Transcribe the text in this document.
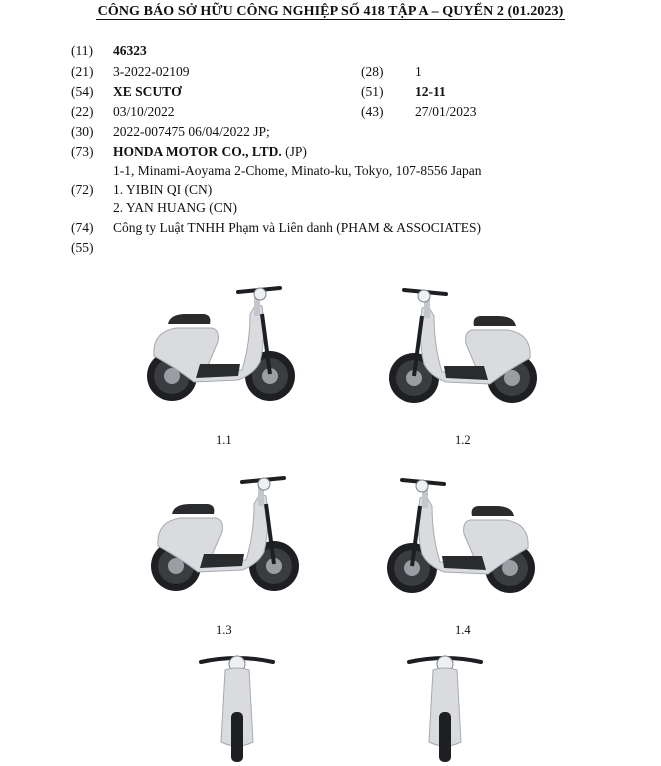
CÔNG BÁO SỞ HỮU CÔNG NGHIỆP SỐ 418 TẬP A – QUYỂN 2 (01.2023)
(11) 46323
(21) 3-2022-02109	(28) 1
(54) XE SCUTƠ	(51) 12-11
(22) 03/10/2022	(43) 27/01/2023
(30) 2022-007475 06/04/2022 JP;
(73) HONDA MOTOR CO., LTD. (JP)
1-1, Minami-Aoyama 2-Chome, Minato-ku, Tokyo, 107-8556 Japan
(72) 1. YIBIN QI (CN)
2. YAN HUANG (CN)
(74) Công ty Luật TNHH Phạm và Liên danh (PHAM & ASSOCIATES)
(55)
1.1	1.2
1.3	1.4
